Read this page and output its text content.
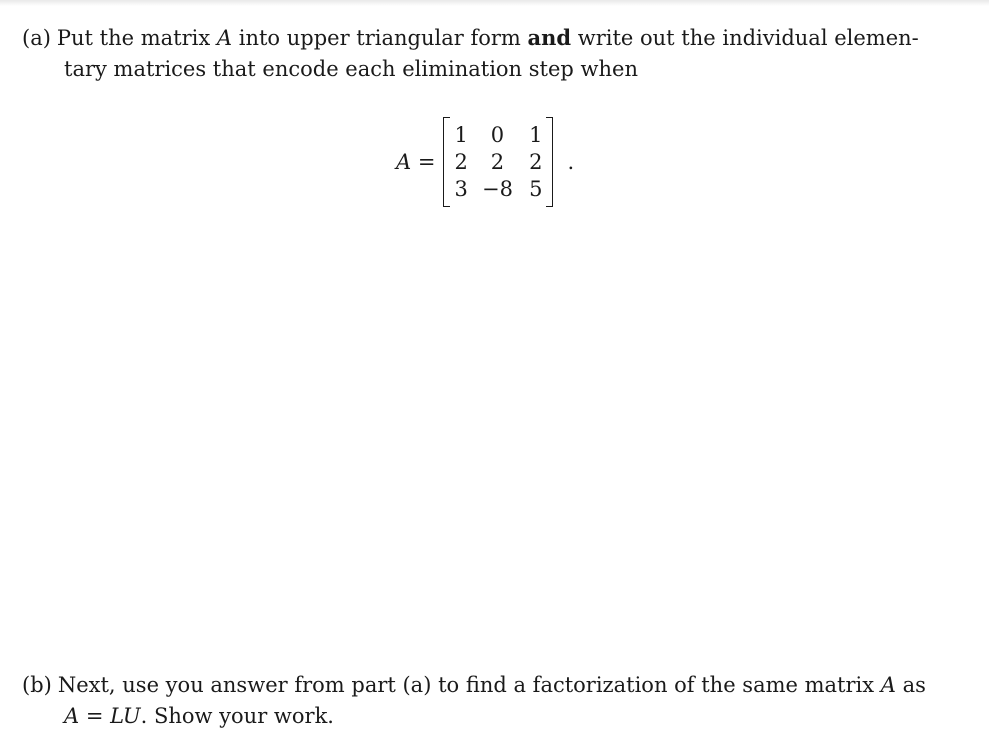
(a) Put the matrix A into upper triangular form and write out the individual elemen-
tary matrices that encode each elimination step when
A =
1	0	1
2	2	2
3 −8 5
.
(b) Next, use you answer from part (a) to find a factorization of the same matrix A as
A = LU. Show your work.
